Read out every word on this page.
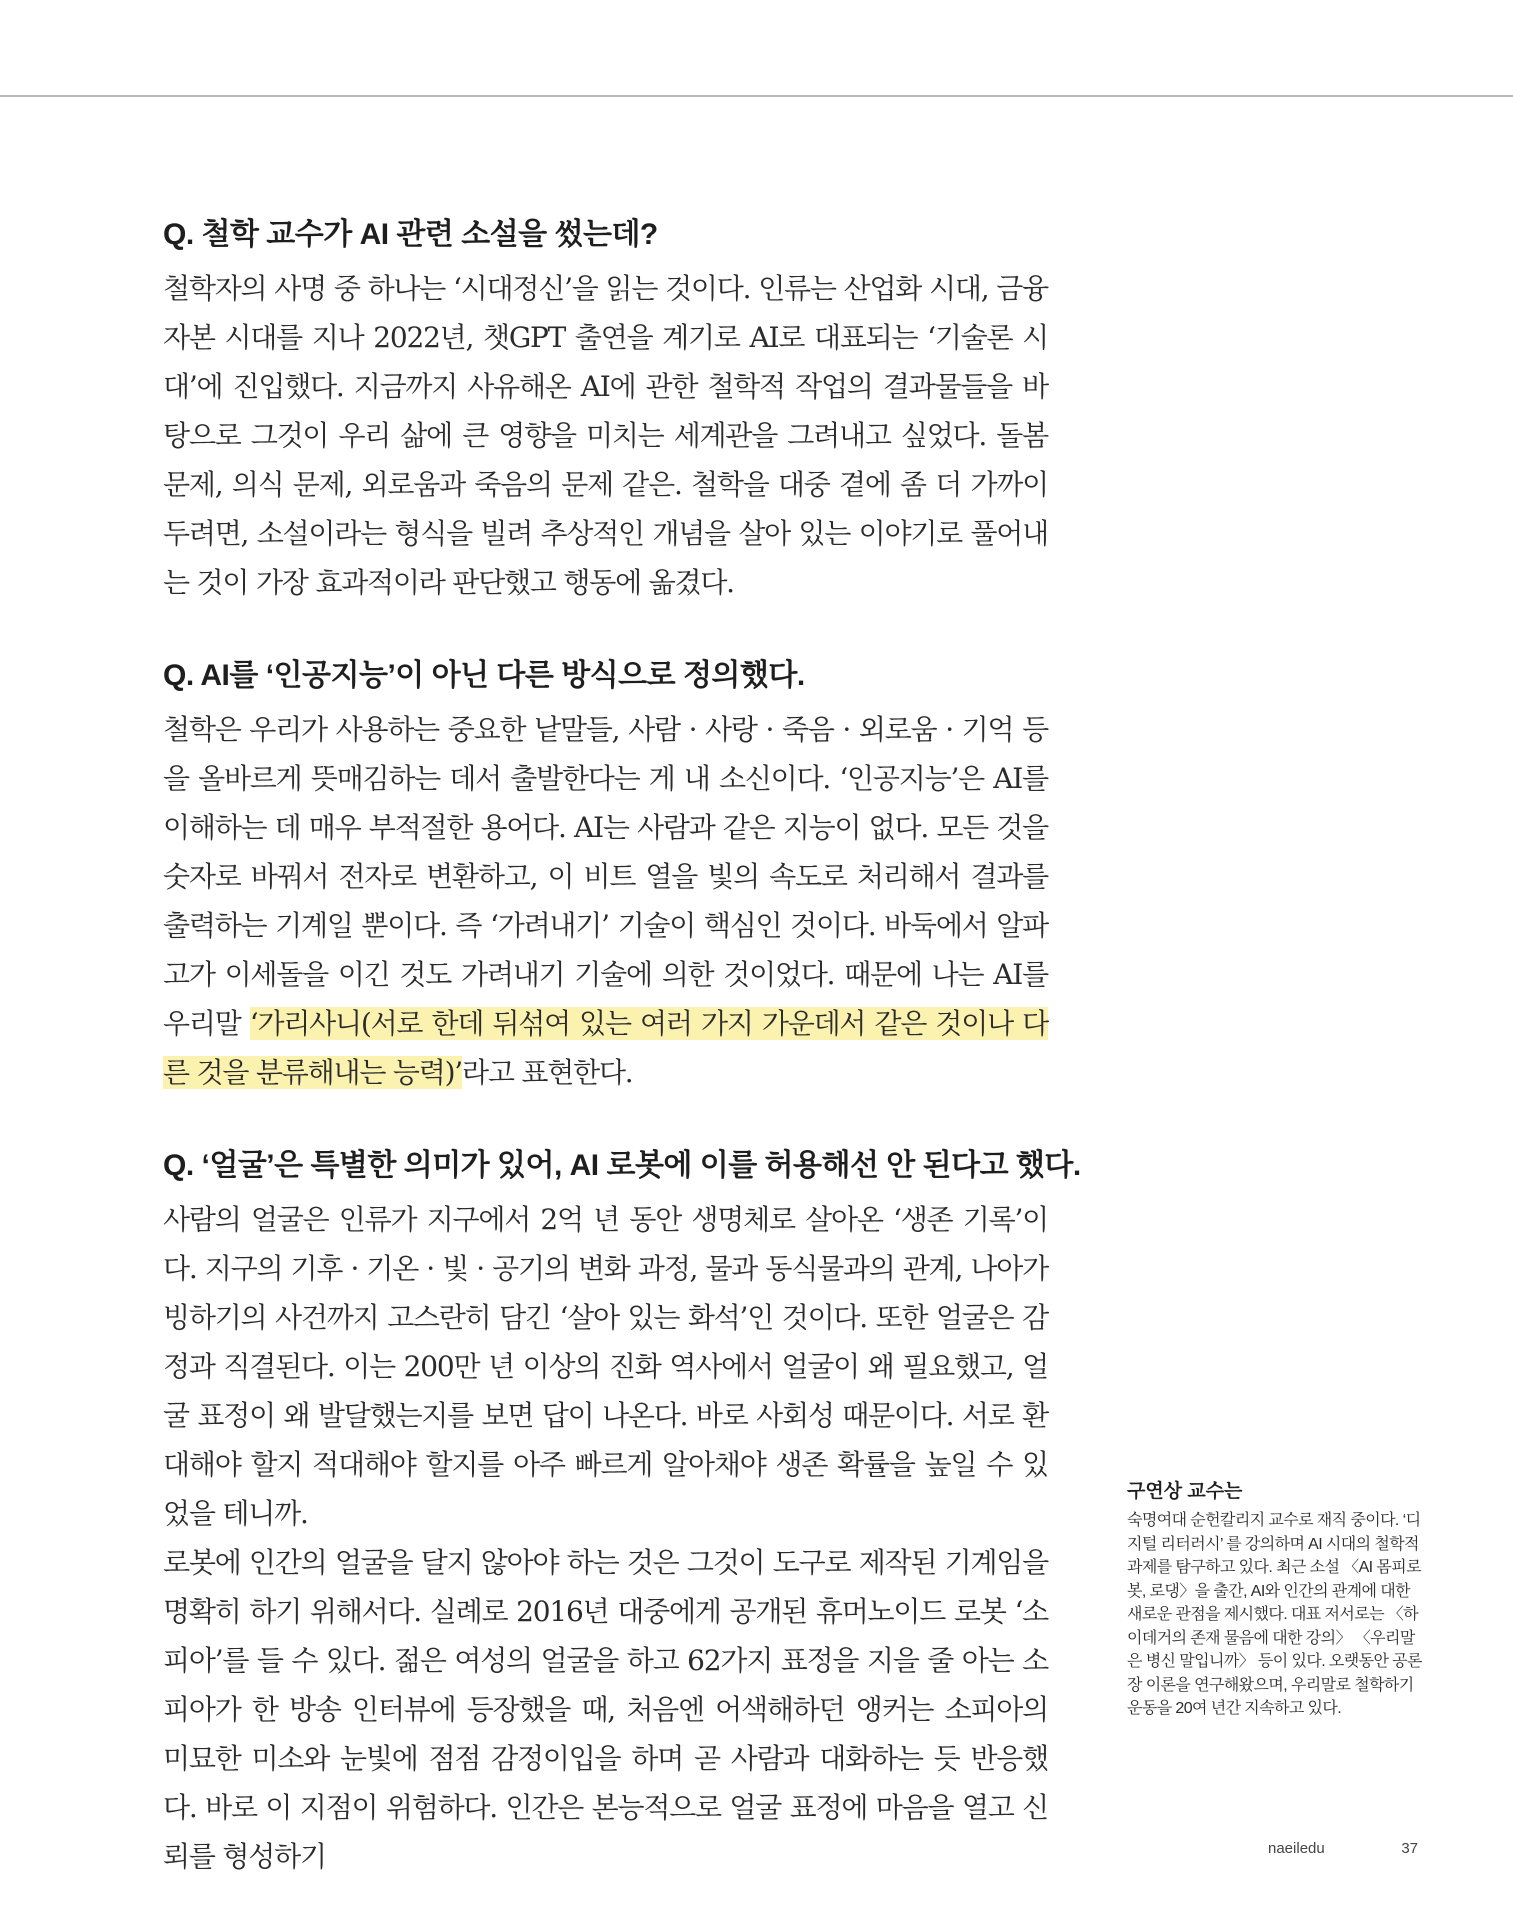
Q. 철학 교수가 AI 관련 소설을 썼는데?

철학자의 사명 중 하나는 ‘시대정신’을 읽는 것이다. 인류는 산업화 시대, 금융자본 시대를 지나 2022년, 챗GPT 출연을 계기로 AI로 대표되는 ‘기술론 시대’에 진입했다. 지금까지 사유해온 AI에 관한 철학적 작업의 결과물들을 바탕으로 그것이 우리 삶에 큰 영향을 미치는 세계관을 그려내고 싶었다. 돌봄 문제, 의식 문제, 외로움과 죽음의 문제 같은. 철학을 대중 곁에 좀 더 가까이 두려면, 소설이라는 형식을 빌려 추상적인 개념을 살아 있는 이야기로 풀어내는 것이 가장 효과적이라 판단했고 행동에 옮겼다.

Q. AI를 ‘인공지능’이 아닌 다른 방식으로 정의했다.

철학은 우리가 사용하는 중요한 낱말들, 사람 · 사랑 · 죽음 · 외로움 · 기억 등을 올바르게 뜻매김하는 데서 출발한다는 게 내 소신이다. ‘인공지능’은 AI를 이해하는 데 매우 부적절한 용어다. AI는 사람과 같은 지능이 없다. 모든 것을 숫자로 바꿔서 전자로 변환하고, 이 비트 열을 빛의 속도로 처리해서 결과를 출력하는 기계일 뿐이다. 즉 ‘가려내기’ 기술이 핵심인 것이다. 바둑에서 알파고가 이세돌을 이긴 것도 가려내기 기술에 의한 것이었다. 때문에 나는 AI를 우리말 ‘가리사니(서로 한데 뒤섞여 있는 여러 가지 가운데서 같은 것이나 다른 것을 분류해내는 능력)’라고 표현한다.

Q. ‘얼굴’은 특별한 의미가 있어, AI 로봇에 이를 허용해선 안 된다고 했다.

사람의 얼굴은 인류가 지구에서 2억 년 동안 생명체로 살아온 ‘생존 기록’이다. 지구의 기후 · 기온 · 빛 · 공기의 변화 과정, 물과 동식물과의 관계, 나아가 빙하기의 사건까지 고스란히 담긴 ‘살아 있는 화석’인 것이다. 또한 얼굴은 감정과 직결된다. 이는 200만 년 이상의 진화 역사에서 얼굴이 왜 필요했고, 얼굴 표정이 왜 발달했는지를 보면 답이 나온다. 바로 사회성 때문이다. 서로 환대해야 할지 적대해야 할지를 아주 빠르게 알아채야 생존 확률을 높일 수 있었을 테니까.

로봇에 인간의 얼굴을 달지 않아야 하는 것은 그것이 도구로 제작된 기계임을 명확히 하기 위해서다. 실례로 2016년 대중에게 공개된 휴머노이드 로봇 ‘소피아’를 들 수 있다. 젊은 여성의 얼굴을 하고 62가지 표정을 지을 줄 아는 소피아가 한 방송 인터뷰에 등장했을 때, 처음엔 어색해하던 앵커는 소피아의 미묘한 미소와 눈빛에 점점 감정이입을 하며 곧 사람과 대화하는 듯 반응했다. 바로 이 지점이 위험하다. 인간은 본능적으로 얼굴 표정에 마음을 열고 신뢰를 형성하기

구연상 교수는

숙명여대 순헌칼리지 교수로 재직 중이다. ‘디지털 리터러시’ 를 강의하며 AI 시대의 철학적 과제를 탐구하고 있다. 최근 소설 〈AI 몸피로봇, 로댕〉을 출간, AI와 인간의 관계에 대한 새로운 관점을 제시했다. 대표 저서로는 〈하이데거의 존재 물음에 대한 강의〉 〈우리말은 병신 말입니까〉 등이 있다. 오랫동안 공론장 이론을 연구해왔으며, 우리말로 철학하기 운동을 20여 년간 지속하고 있다.

naeiledu	37
